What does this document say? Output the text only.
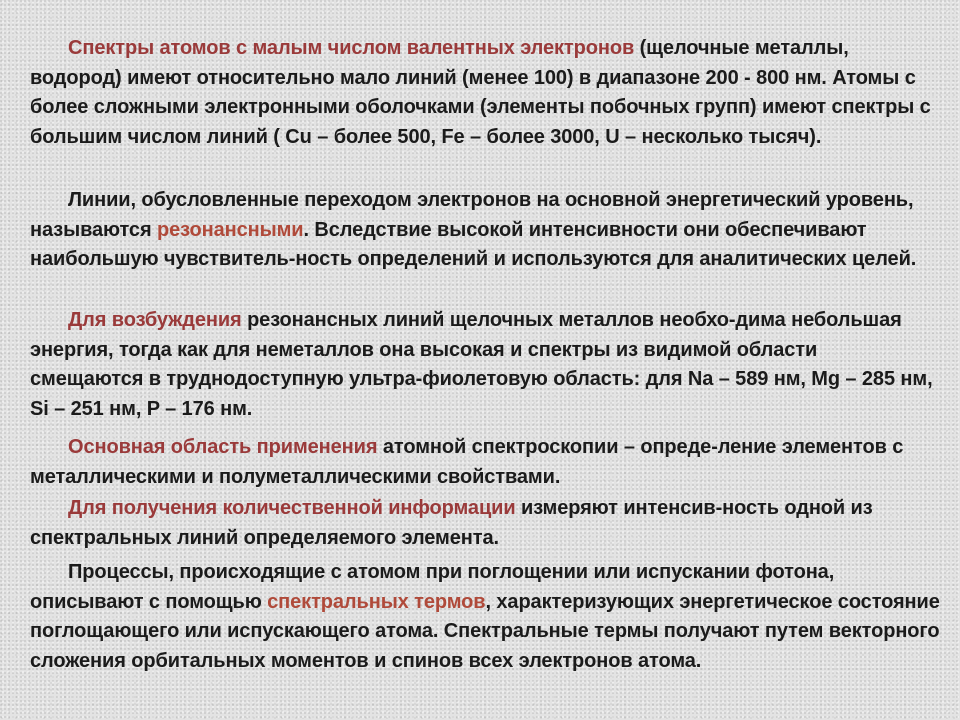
Спектры атомов с малым числом валентных электронов (щелочные металлы, водород) имеют относительно мало линий (менее 100) в диапазоне 200 - 800 нм. Атомы с более сложными электронными оболочками (элементы побочных групп) имеют спектры с большим числом линий ( Cu – более 500, Fe – более 3000, U – несколько тысяч).

Линии, обусловленные переходом электронов на основной энергетический уровень, называются резонансными. Вследствие высокой интенсивности они обеспечивают наибольшую чувствитель-ность определений и используются для аналитических целей.

Для возбуждения резонансных линий щелочных металлов необхо-дима небольшая энергия, тогда как для неметаллов она высокая и спектры из видимой области смещаются в труднодоступную ультра-фиолетовую область: для Na – 589 нм, Mg – 285 нм, Si – 251 нм, P – 176 нм.

Основная область применения атомной спектроскопии – опреде-ление элементов с металлическими и полуметаллическими свойствами.

Для получения количественной информации измеряют интенсив-ность одной из спектральных линий определяемого элемента.

Процессы, происходящие с атомом при поглощении или испускании фотона, описывают с помощью спектральных термов, характеризующих энергетическое состояние поглощающего или испускающего атома. Спектральные термы получают путем векторного сложения орбитальных моментов и спинов всех электронов атома.
